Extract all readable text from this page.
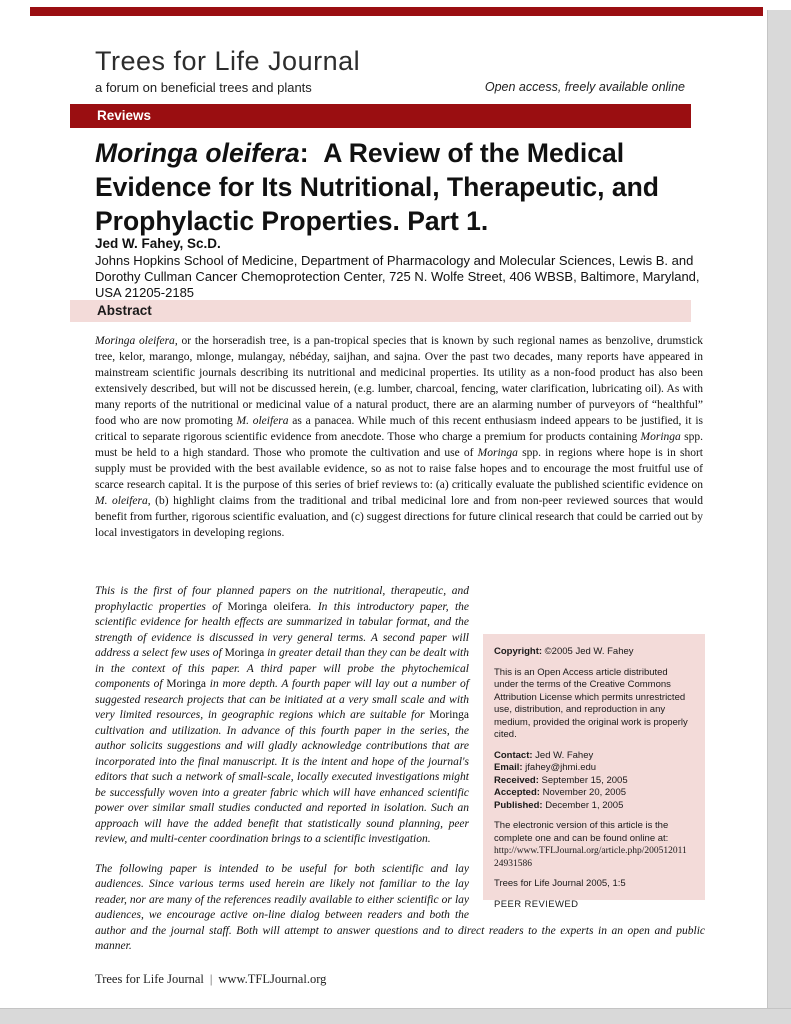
Trees for Life Journal
a forum on beneficial trees and plants	Open access, freely available online
Reviews
Moringa oleifera:  A Review of the Medical
Evidence for Its Nutritional, Therapeutic, and
Prophylactic Properties. Part 1.
Jed W. Fahey, Sc.D.
Johns Hopkins School of Medicine, Department of Pharmacology and Molecular Sciences, Lewis B. and Dorothy Cullman Cancer Chemoprotection Center, 725 N. Wolfe Street, 406 WBSB, Baltimore, Maryland, USA 21205-2185
Abstract
Moringa oleifera, or the horseradish tree, is a pan-tropical species that is known by such regional names as benzolive, drumstick tree, kelor, marango, mlonge, mulangay, nébéday, saijhan, and sajna. Over the past two decades, many reports have appeared in mainstream scientific journals describing its nutritional and medicinal properties. Its utility as a non-food product has also been extensively described, but will not be discussed herein, (e.g. lumber, charcoal, fencing, water clarification, lubricating oil). As with many reports of the nutritional or medicinal value of a natural product, there are an alarming number of purveyors of “healthful” food who are now promoting M. oleifera as a panacea. While much of this recent enthusiasm indeed appears to be justified, it is critical to separate rigorous scientific evidence from anecdote. Those who charge a premium for products containing Moringa spp. must be held to a high standard. Those who promote the cultivation and use of Moringa spp. in regions where hope is in short supply must be provided with the best available evidence, so as not to raise false hopes and to encourage the most fruitful use of scarce research capital. It is the purpose of this series of brief reviews to: (a) critically evaluate the published scientific evidence on M. oleifera, (b) highlight claims from the traditional and tribal medicinal lore and from non-peer reviewed sources that would benefit from further, rigorous scientific evaluation, and (c) suggest directions for future clinical research that could be carried out by local investigators in developing regions.
Copyright: ©2005 Jed W. Fahey
This is an Open Access article distributed under the terms of the Creative Commons Attribution License which permits unrestricted use, distribution, and reproduction in any medium, provided the original work is properly cited.
Contact: Jed W. Fahey
Email: jfahey@jhmi.edu
Received: September 15, 2005
Accepted: November 20, 2005
Published: December 1, 2005
The electronic version of this article is the complete one and can be found online at:
http://www.TFLJournal.org/article.php/200512011
24931586
Trees for Life Journal 2005, 1:5
PEER REVIEWED

This is the first of four planned papers on the nutritional, therapeutic, and prophylactic properties of Moringa oleifera. In this introductory paper, the scientific evidence for health effects are summarized in tabular format, and the strength of evidence is discussed in very general terms. A second paper will address a select few uses of Moringa in greater detail than they can be dealt with in the context of this paper. A third paper will probe the phytochemical components of Moringa in more depth. A fourth paper will lay out a number of suggested research projects that can be initiated at a very small scale and with very limited resources, in geographic regions which are suitable for Moringa cultivation and utilization. In advance of this fourth paper in the series, the author solicits suggestions and will gladly acknowledge contributions that are incorporated into the final manuscript. It is the intent and hope of the journal's editors that such a network of small-scale, locally executed investigations might be successfully woven into a greater fabric which will have enhanced scientific power over similar small studies conducted and reported in isolation. Such an approach will have the added benefit that statistically sound planning, peer review, and multi-center coordination brings to a scientific investigation.

The following paper is intended to be useful for both scientific and lay audiences. Since various terms used herein are likely not familiar to the lay reader, nor are many of the references readily available to either scientific or lay audiences, we encourage active on-line dialog between readers and both the author and the journal staff. Both will attempt to answer questions and to direct readers to the experts in an open and public manner.

Trees for Life Journal | www.TFLJournal.org
